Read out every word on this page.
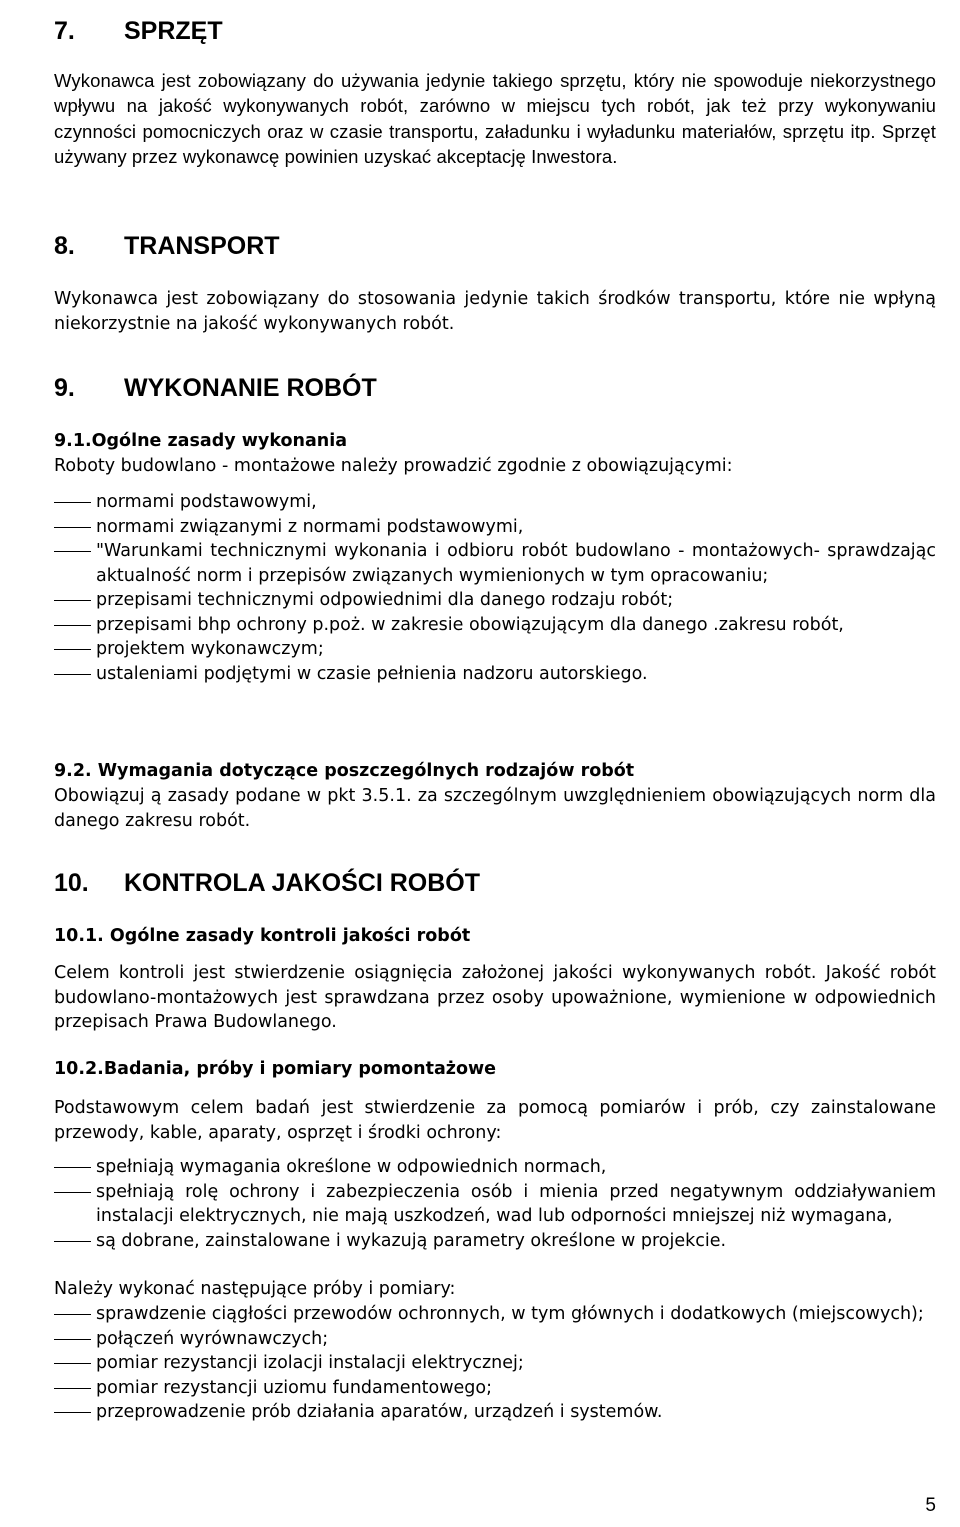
7. SPRZĘT

Wykonawca jest zobowiązany do używania jedynie takiego sprzętu, który nie spowoduje niekorzystnego wpływu na jakość wykonywanych robót, zarówno w miejscu tych robót, jak też przy wykonywaniu czynności pomocniczych oraz w czasie transportu, załadunku i wyładunku materiałów, sprzętu itp. Sprzęt używany przez wykonawcę powinien uzyskać akceptację Inwestora.

8. TRANSPORT

Wykonawca jest zobowiązany do stosowania jedynie takich środków transportu, które nie wpłyną niekorzystnie na jakość wykonywanych robót.

9. WYKONANIE ROBÓT
9.1.Ogólne zasady wykonania

Roboty budowlano - montażowe należy prowadzić zgodnie z obowiązującymi:

normami podstawowymi,
normami związanymi z normami podstawowymi,
"Warunkami technicznymi wykonania i odbioru robót budowlano - montażowych- sprawdzając aktualność norm i przepisów związanych wymienionych w tym opracowaniu;
przepisami technicznymi odpowiednimi dla danego rodzaju robót;
przepisami bhp ochrony p.poż. w zakresie obowiązującym dla danego .zakresu robót,
projektem wykonawczym;
ustaleniami podjętymi w czasie pełnienia nadzoru autorskiego.
9.2. Wymagania dotyczące poszczególnych rodzajów robót

Obowiązuj ą zasady podane w pkt 3.5.1. za szczególnym uwzględnieniem obowiązujących norm dla danego zakresu robót.

10. KONTROLA JAKOŚCI ROBÓT
10.1. Ogólne zasady kontroli jakości robót

Celem kontroli jest stwierdzenie osiągnięcia założonej jakości wykonywanych robót. Jakość robót budowlano-montażowych jest sprawdzana przez osoby upoważnione, wymienione w odpowiednich przepisach Prawa Budowlanego.

10.2.Badania, próby i pomiary pomontażowe

Podstawowym celem badań jest stwierdzenie za pomocą pomiarów i prób, czy zainstalowane przewody, kable, aparaty, osprzęt i środki ochrony:

spełniają wymagania określone w odpowiednich normach,
spełniają rolę ochrony i zabezpieczenia osób i mienia przed negatywnym oddziaływaniem instalacji elektrycznych, nie mają uszkodzeń, wad lub odporności mniejszej niż wymagana,
są dobrane, zainstalowane i wykazują parametry określone w projekcie.

Należy wykonać następujące próby i pomiary:

sprawdzenie ciągłości przewodów ochronnych, w tym głównych i dodatkowych (miejscowych);
połączeń wyrównawczych;
pomiar rezystancji izolacji instalacji elektrycznej;
pomiar rezystancji uziomu fundamentowego;
przeprowadzenie prób działania aparatów, urządzeń i systemów.
5
